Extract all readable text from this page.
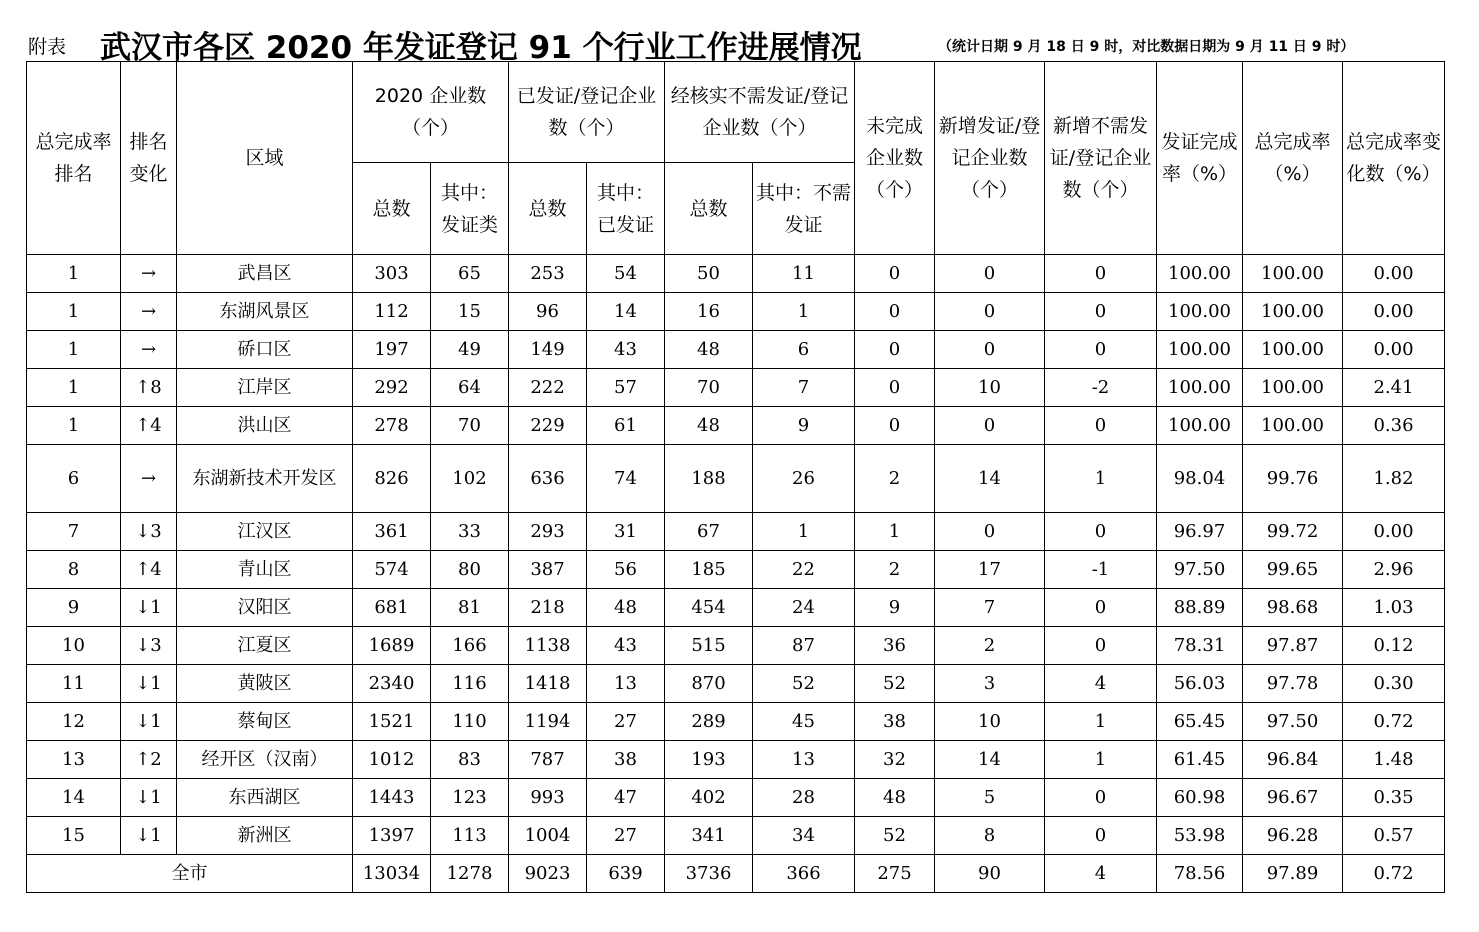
附表 武汉市各区 2020 年发证登记 91 个行业工作进展情况	（统计日期 9 月 18 日 9 时，对比数据日期为 9 月 11 日 9 时）
总完成率排名	排名变化	区域	2020 企业数（个）		已发证/登记企业数（个）		经核实不需发证/登记企业数（个）		未完成企业数（个）	新增发证/登记企业数（个）	新增不需发证/登记企业数（个）	发证完成率（%）	总完成率（%）	总完成率变化数（%）
			总数	其中：发证类	总数	其中：已发证	总数	其中：不需发证						
1	→	武昌区	303	65	253	54	50	11	0	0	0	100.00	100.00	0.00
1	→	东湖风景区	112	15	96	14	16	1	0	0	0	100.00	100.00	0.00
1	→	硚口区	197	49	149	43	48	6	0	0	0	100.00	100.00	0.00
1	↑8	江岸区	292	64	222	57	70	7	0	10	-2	100.00	100.00	2.41
1	↑4	洪山区	278	70	229	61	48	9	0	0	0	100.00	100.00	0.36
6	→	东湖新技术开发区	826	102	636	74	188	26	2	14	1	98.04	99.76	1.82
7	↓3	江汉区	361	33	293	31	67	1	1	0	0	96.97	99.72	0.00
8	↑4	青山区	574	80	387	56	185	22	2	17	-1	97.50	99.65	2.96
9	↓1	汉阳区	681	81	218	48	454	24	9	7	0	88.89	98.68	1.03
10	↓3	江夏区	1689	166	1138	43	515	87	36	2	0	78.31	97.87	0.12
11	↓1	黄陂区	2340	116	1418	13	870	52	52	3	4	56.03	97.78	0.30
12	↓1	蔡甸区	1521	110	1194	27	289	45	38	10	1	65.45	97.50	0.72
13	↑2	经开区（汉南）	1012	83	787	38	193	13	32	14	1	61.45	96.84	1.48
14	↓1	东西湖区	1443	123	993	47	402	28	48	5	0	60.98	96.67	0.35
15	↓1	新洲区	1397	113	1004	27	341	34	52	8	0	53.98	96.28	0.57
全市			13034	1278	9023	639	3736	366	275	90	4	78.56	97.89	0.72
